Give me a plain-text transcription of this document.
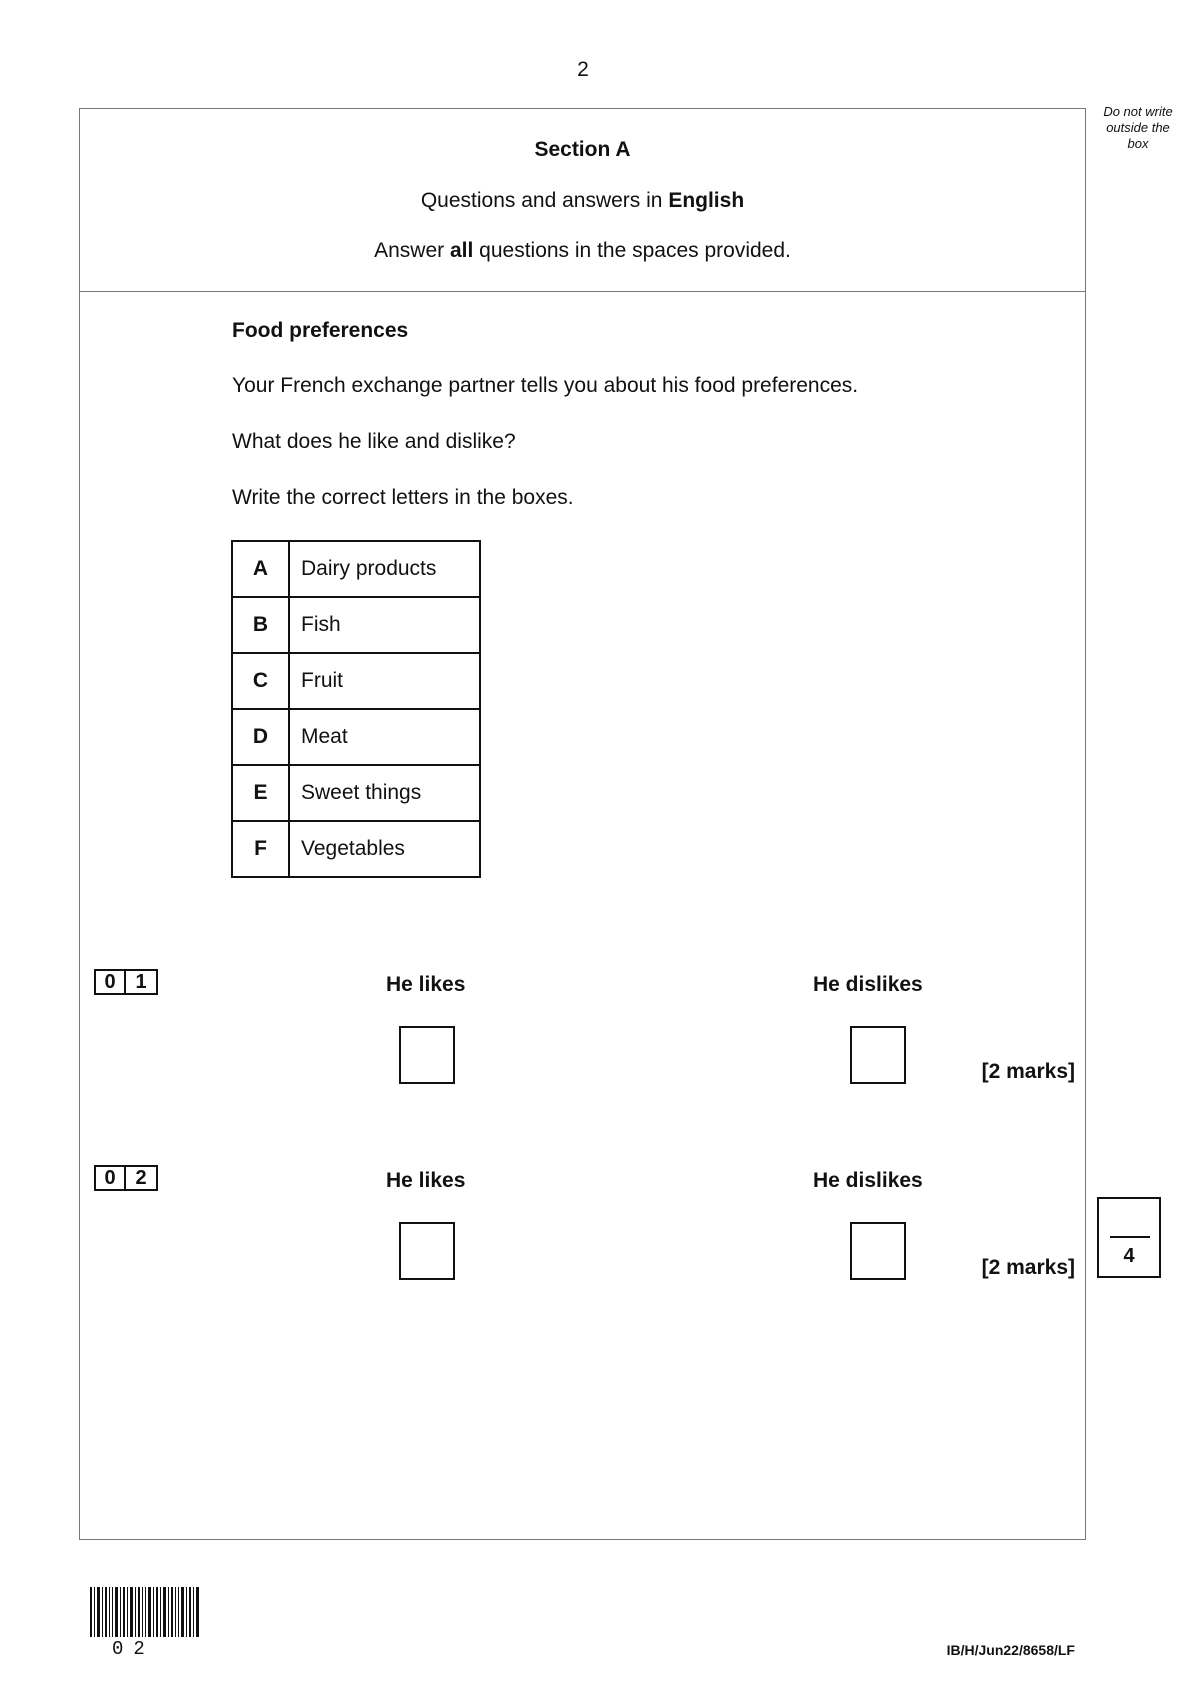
2
Do not write
outside the
box
Section A
Questions and answers in English
Answer all questions in the spaces provided.
Food preferences
Your French exchange partner tells you about his food preferences.
What does he like and dislike?
Write the correct letters in the boxes.
A	Dairy products
B	Fish
C	Fruit
D	Meat
E	Sweet things
F	Vegetables
0 1	He likes	He dislikes
[2 marks]
0 2	He likes	He dislikes
[2 marks]	4
02	IB/H/Jun22/8658/LF
